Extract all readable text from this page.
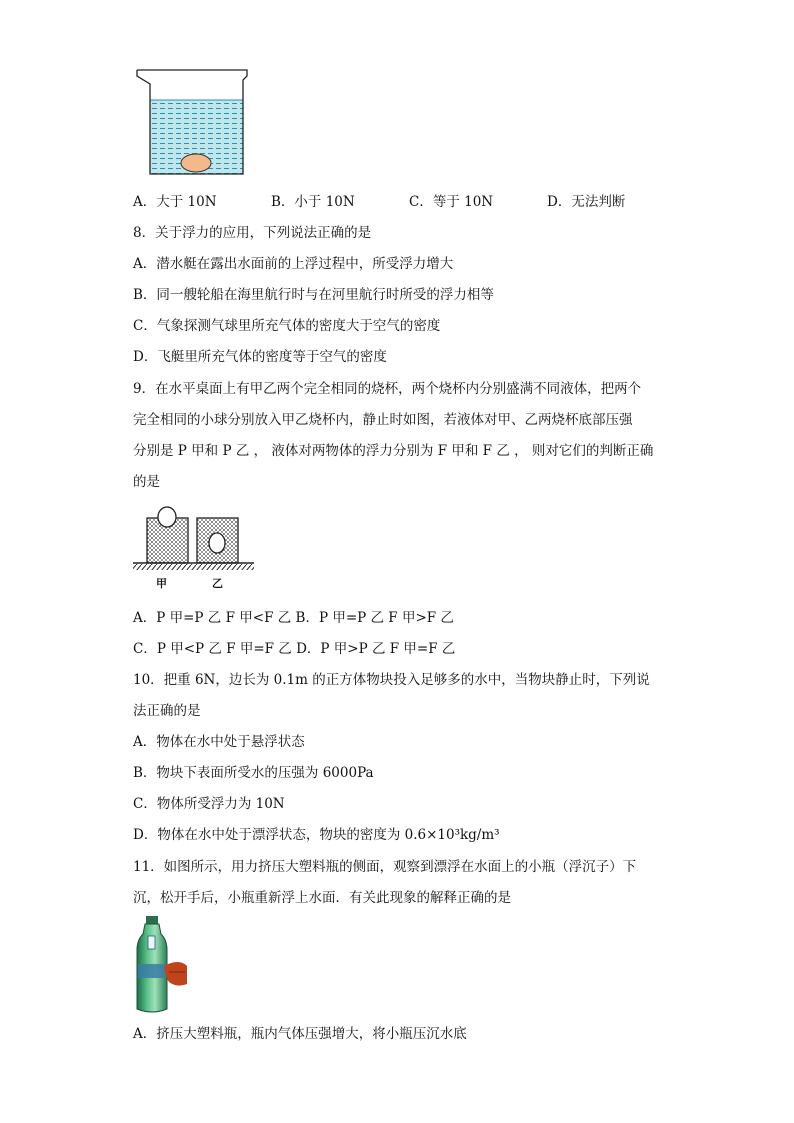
A．大于 10N	B．小于 10N	C．等于 10N	D．无法判断
8．关于浮力的应用，下列说法正确的是
A．潜水艇在露出水面前的上浮过程中，所受浮力增大
B．同一艘轮船在海里航行时与在河里航行时所受的浮力相等
C．气象探测气球里所充气体的密度大于空气的密度
D．飞艇里所充气体的密度等于空气的密度
9．在水平桌面上有甲乙两个完全相同的烧杯，两个烧杯内分别盛满不同液体，把两个
完全相同的小球分别放入甲乙烧杯内，静止时如图，若液体对甲、乙两烧杯底部压强
分别是 P 甲和 P 乙 ， 液体对两物体的浮力分别为 F 甲和 F 乙 ， 则对它们的判断正确
的是
甲	乙
A．P 甲=P 乙 F 甲<F 乙 B．P 甲=P 乙 F 甲>F 乙
C．P 甲<P 乙 F 甲=F 乙 D．P 甲>P 乙 F 甲=F 乙
10．把重 6N，边长为 0.1m 的正方体物块投入足够多的水中，当物块静止时，下列说
法正确的是
A．物体在水中处于悬浮状态
B．物块下表面所受水的压强为 6000Pa
C．物体所受浮力为 10N
D．物体在水中处于漂浮状态，物块的密度为 0.6×10³kg/m³
11．如图所示，用力挤压大塑料瓶的侧面，观察到漂浮在水面上的小瓶（浮沉子）下
沉，松开手后，小瓶重新浮上水面．有关此现象的解释正确的是
A．挤压大塑料瓶，瓶内气体压强增大，将小瓶压沉水底
